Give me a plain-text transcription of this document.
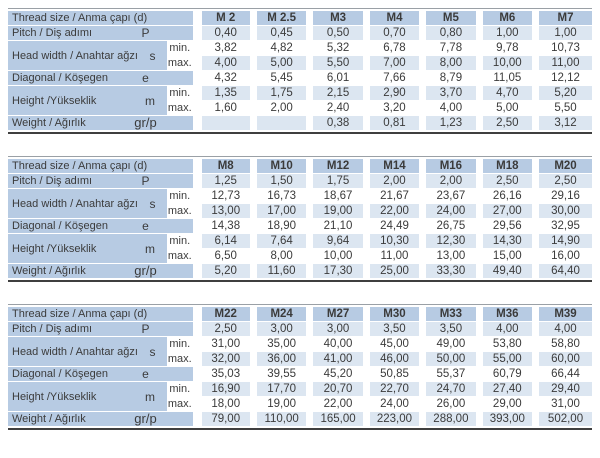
Thread size / Anma çapı (d)		M 2	M 2.5	M3	M4	M5	M6	M7

Pitch / Diş adımı P		0,40	0,45	0,50	0,70	0,80	1,00	1,00

Head width / Anahtar ağzı s	min.	3,82	4,82	5,32	6,78	7,78	9,78	10,73
	max.	4,00	5,00	5,50	7,00	8,00	10,00	11,00

Diagonal / Köşegen e		4,32	5,45	6,01	7,66	8,79	11,05	12,12

Height /Yükseklik m	min.	1,35	1,75	2,15	2,90	3,70	4,70	5,20
	max.	1,60	2,00	2,40	3,20	4,00	5,00	5,50

Weight / Ağırlık gr/p				0,38	0,81	1,23	2,50	3,12
Thread size / Anma çapı (d)		M8	M10	M12	M14	M16	M18	M20

Pitch / Diş adımı P		1,25	1,50	1,75	2,00	2,00	2,50	2,50

Head width / Anahtar ağzı s	min.	12,73	16,73	18,67	21,67	23,67	26,16	29,16
	max.	13,00	17,00	19,00	22,00	24,00	27,00	30,00

Diagonal / Köşegen e		14,38	18,90	21,10	24,49	26,75	29,56	32,95

Height /Yükseklik m	min.	6,14	7,64	9,64	10,30	12,30	14,30	14,90
	max.	6,50	8,00	10,00	11,00	13,00	15,00	16,00

Weight / Ağırlık gr/p		5,20	11,60	17,30	25,00	33,30	49,40	64,40
Thread size / Anma çapı (d)		M22	M24	M27	M30	M33	M36	M39

Pitch / Diş adımı P		2,50	3,00	3,00	3,50	3,50	4,00	4,00

Head width / Anahtar ağzı s	min.	31,00	35,00	40,00	45,00	49,00	53,80	58,80
	max.	32,00	36,00	41,00	46,00	50,00	55,00	60,00

Diagonal / Köşegen e		35,03	39,55	45,20	50,85	55,37	60,79	66,44

Height /Yükseklik m	min.	16,90	17,70	20,70	22,70	24,70	27,40	29,40
	max.	18,00	19,00	22,00	24,00	26,00	29,00	31,00

Weight / Ağırlık gr/p		79,00	110,00	165,00	223,00	288,00	393,00	502,00
